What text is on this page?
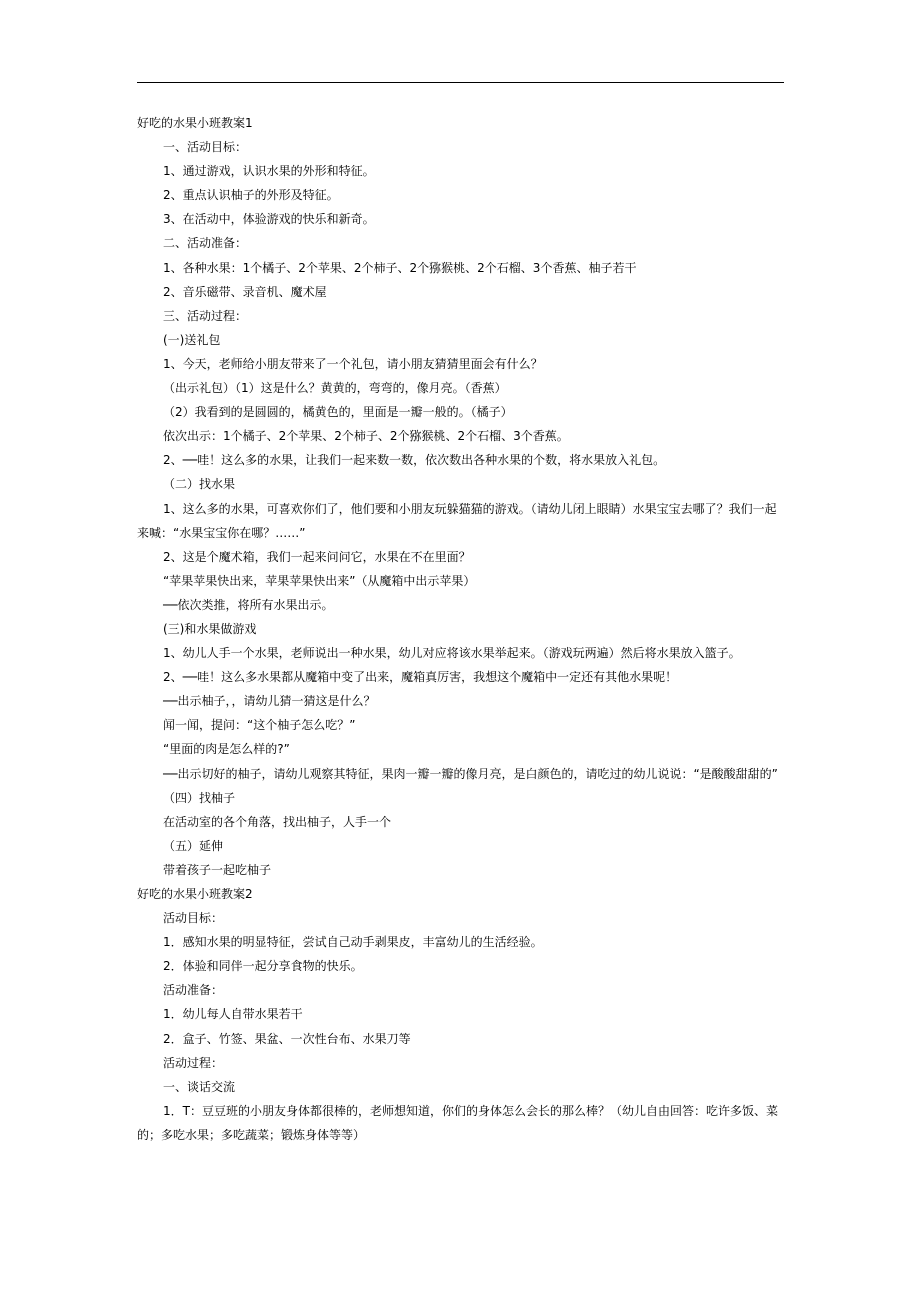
好吃的水果小班教案1

一、活动目标：

1、通过游戏，认识水果的外形和特征。

2、重点认识柚子的外形及特征。

3、在活动中，体验游戏的快乐和新奇。

二、活动准备：

1、各种水果：1个橘子、2个苹果、2个柿子、2个猕猴桃、2个石榴、3个香蕉、柚子若干

2、音乐磁带、录音机、魔术屋

三、活动过程：

(一)送礼包

1、今天，老师给小朋友带来了一个礼包，请小朋友猜猜里面会有什么？

（出示礼包）（1）这是什么？黄黄的，弯弯的，像月亮。（香蕉）

（2）我看到的是圆圆的，橘黄色的，里面是一瓣一般的。（橘子）

依次出示：1个橘子、2个苹果、2个柿子、2个猕猴桃、2个石榴、3个香蕉。

2、──哇！这么多的水果，让我们一起来数一数，依次数出各种水果的个数，将水果放入礼包。

（二）找水果

1、这么多的水果，可喜欢你们了，他们要和小朋友玩躲猫猫的游戏。（请幼儿闭上眼睛）水果宝宝去哪了？我们一起来喊：“水果宝宝你在哪？……”

2、这是个魔术箱，我们一起来问问它，水果在不在里面？

“苹果苹果快出来，苹果苹果快出来”（从魔箱中出示苹果）

──依次类推，将所有水果出示。

(三)和水果做游戏

1、幼儿人手一个水果，老师说出一种水果，幼儿对应将该水果举起来。（游戏玩两遍）然后将水果放入篮子。

2、──哇！这么多水果都从魔箱中变了出来，魔箱真厉害，我想这个魔箱中一定还有其他水果呢！

──出示柚子，，请幼儿猜一猜这是什么？

闻一闻，提问：“这个柚子怎么吃？”

“里面的肉是怎么样的?”

──出示切好的柚子，请幼儿观察其特征，果肉一瓣一瓣的像月亮，是白颜色的，请吃过的幼儿说说：“是酸酸甜甜的”

（四）找柚子

在活动室的各个角落，找出柚子，人手一个

（五）延伸

带着孩子一起吃柚子

好吃的水果小班教案2

活动目标：

1．感知水果的明显特征，尝试自己动手剥果皮，丰富幼儿的生活经验。

2．体验和同伴一起分享食物的快乐。

活动准备：

1．幼儿每人自带水果若干

2．盒子、竹签、果盆、一次性台布、水果刀等

活动过程：

一、谈话交流

1．T：豆豆班的小朋友身体都很棒的，老师想知道，你们的身体怎么会长的那么棒？（幼儿自由回答：吃许多饭、菜的；多吃水果；多吃蔬菜；锻炼身体等等）
